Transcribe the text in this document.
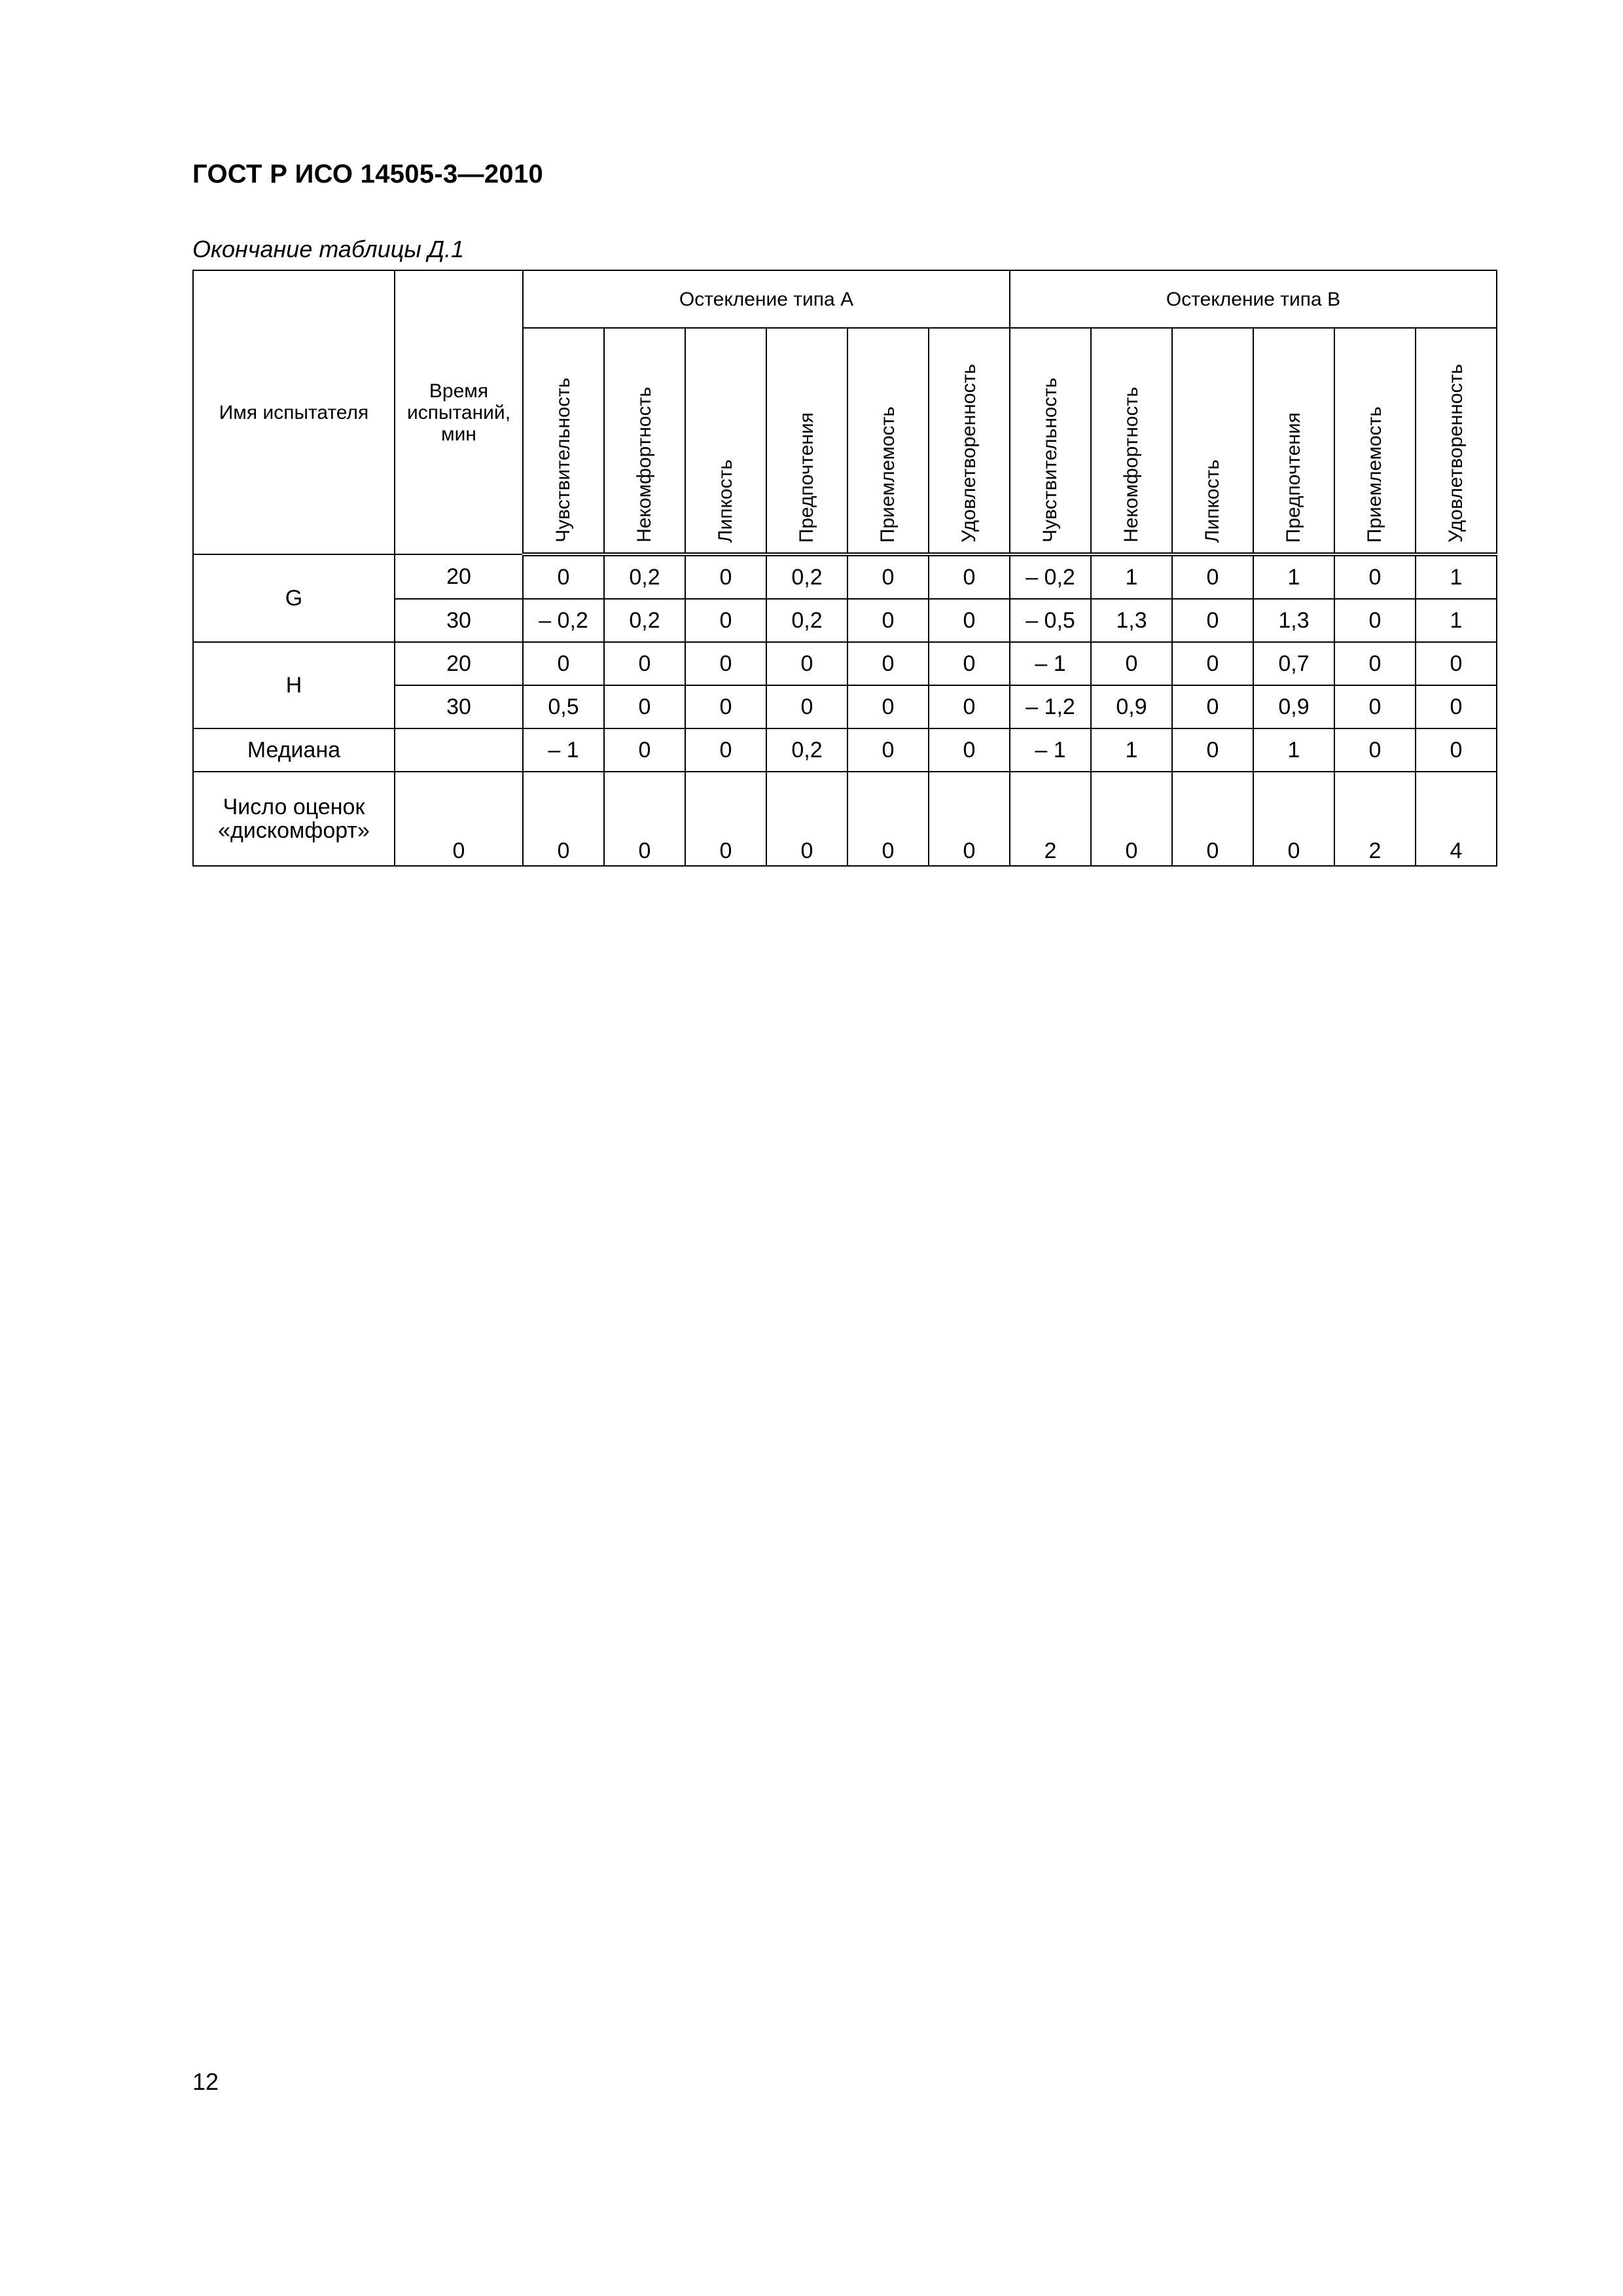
ГОСТ Р ИСО 14505-3—2010
Окончание таблицы Д.1
Имя испытателя	Время испытаний, мин	Остекление типа А						Остекление типа В					
		Чувствительность	Некомфортность	Липкость	Предпочтения	Приемлемость	Удовлетворенность	Чувствительность	Некомфортность	Липкость	Предпочтения	Приемлемость	Удовлетворенность
G	20	0	0,2	0	0,2	0	0	– 0,2	1	0	1	0	1
	30	– 0,2	0,2	0	0,2	0	0	– 0,5	1,3	0	1,3	0	1
H	20	0	0	0	0	0	0	– 1	0	0	0,7	0	0
	30	0,5	0	0	0	0	0	– 1,2	0,9	0	0,9	0	0
Медиана		– 1	0	0	0,2	0	0	– 1	1	0	1	0	0
Число оценок «дискомфорт»	0	0	0	0	0	0	0	2	0	0	0	2	4
12
